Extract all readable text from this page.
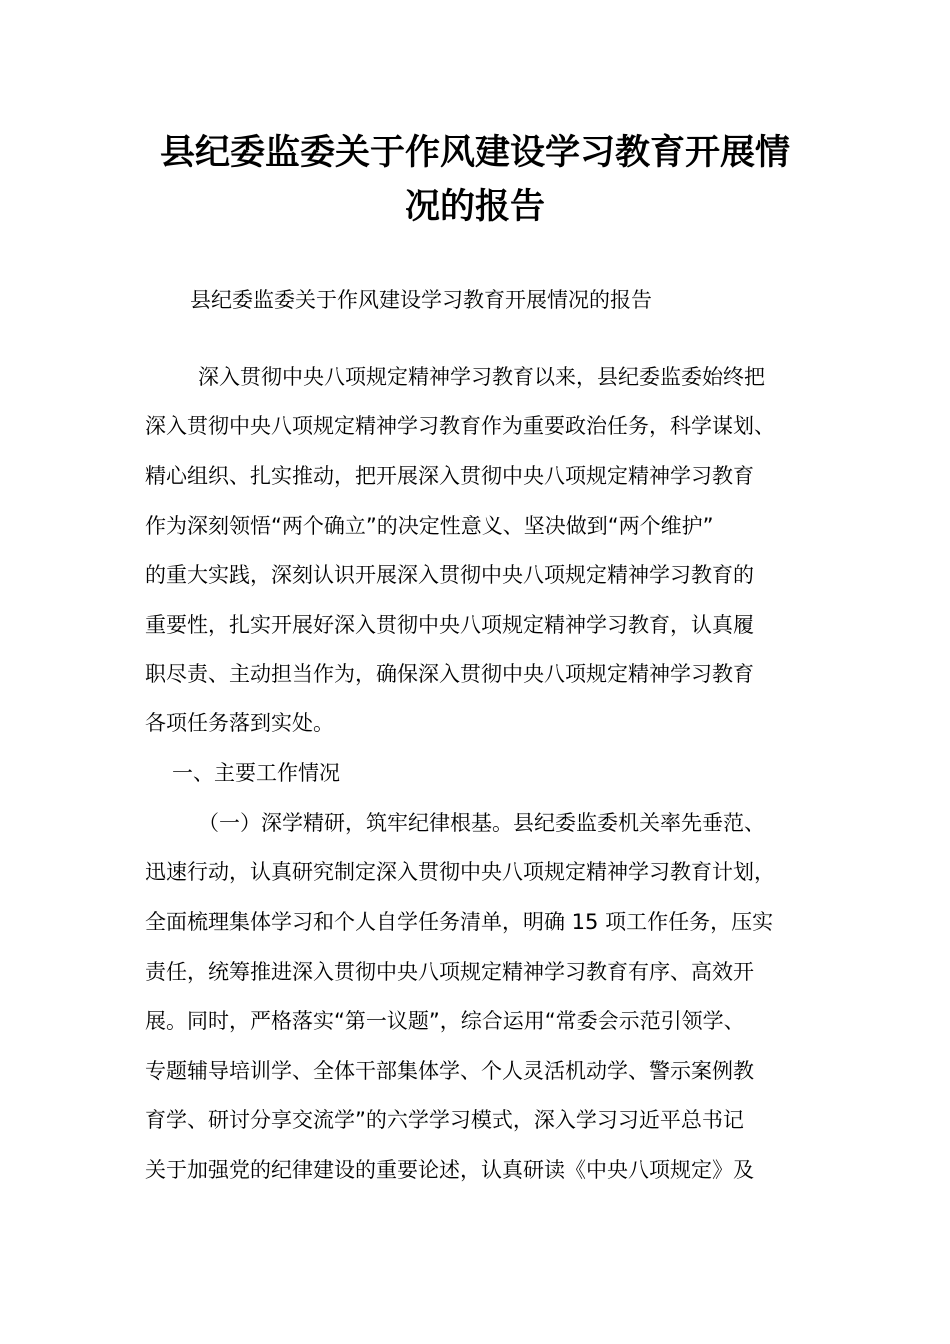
县纪委监委关于作风建设学习教育开展情
况的报告
县纪委监委关于作风建设学习教育开展情况的报告
深入贯彻中央八项规定精神学习教育以来，县纪委监委始终把
深入贯彻中央八项规定精神学习教育作为重要政治任务，科学谋划、
精心组织、扎实推动，把开展深入贯彻中央八项规定精神学习教育
作为深刻领悟“两个确立”的决定性意义、坚决做到“两个维护”
的重大实践，深刻认识开展深入贯彻中央八项规定精神学习教育的
重要性，扎实开展好深入贯彻中央八项规定精神学习教育，认真履
职尽责、主动担当作为，确保深入贯彻中央八项规定精神学习教育
各项任务落到实处。
一、主要工作情况
（一）深学精研，筑牢纪律根基。县纪委监委机关率先垂范、
迅速行动，认真研究制定深入贯彻中央八项规定精神学习教育计划，
全面梳理集体学习和个人自学任务清单，明确 15 项工作任务，压实
责任，统筹推进深入贯彻中央八项规定精神学习教育有序、高效开
展。同时，严格落实“第一议题”，综合运用“常委会示范引领学、
专题辅导培训学、全体干部集体学、个人灵活机动学、警示案例教
育学、研讨分享交流学”的六学学习模式，深入学习习近平总书记
关于加强党的纪律建设的重要论述，认真研读《中央八项规定》及
